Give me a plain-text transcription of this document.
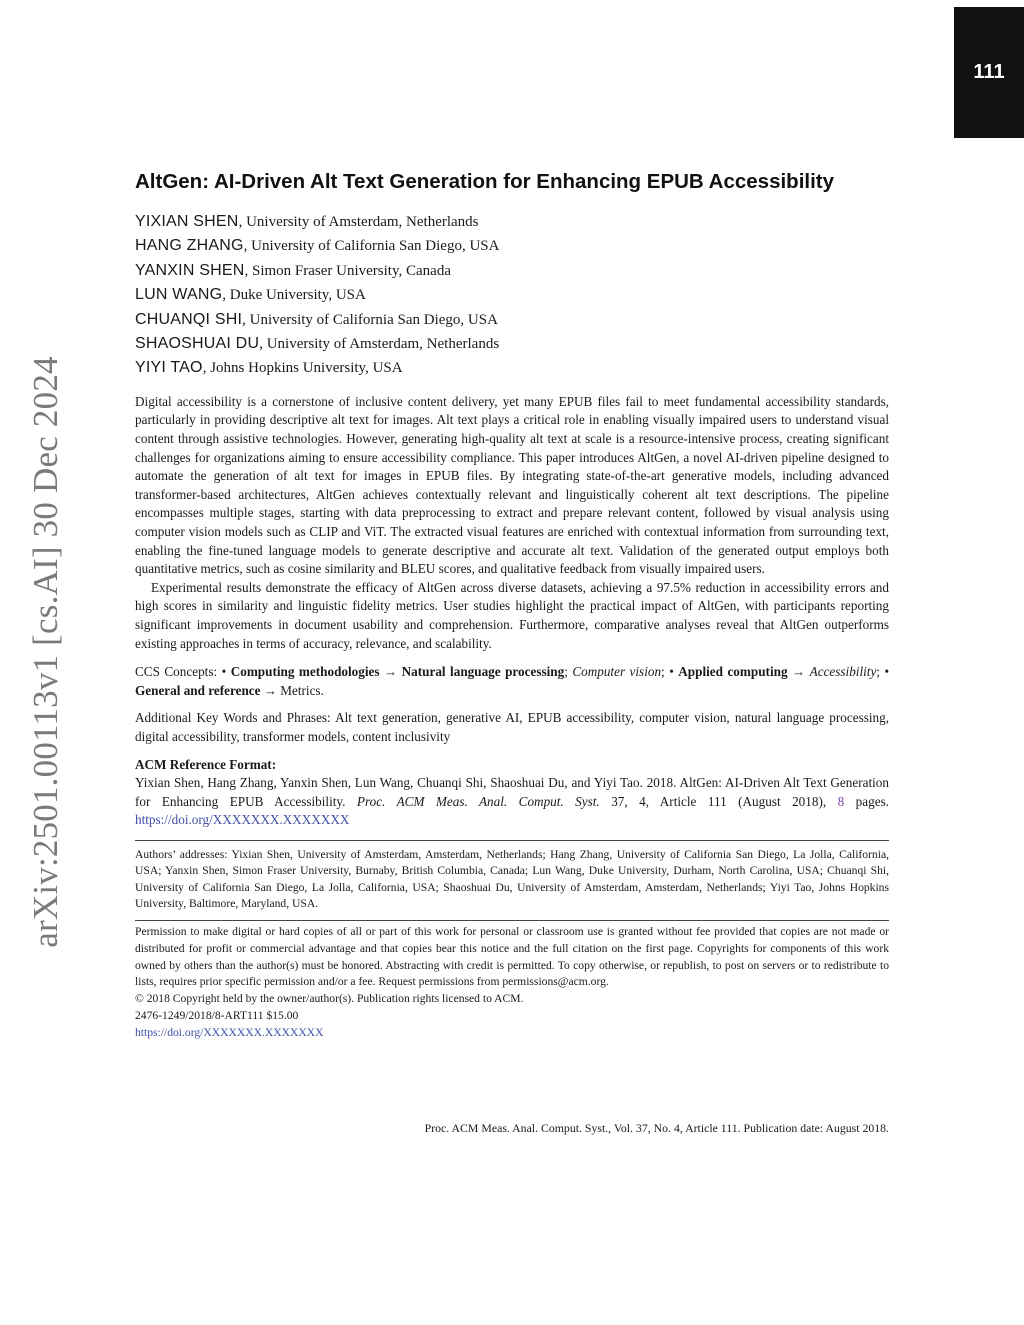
111
arXiv:2501.00113v1 [cs.AI] 30 Dec 2024
AltGen: AI-Driven Alt Text Generation for Enhancing EPUB Accessibility
YIXIAN SHEN, University of Amsterdam, Netherlands
HANG ZHANG, University of California San Diego, USA
YANXIN SHEN, Simon Fraser University, Canada
LUN WANG, Duke University, USA
CHUANQI SHI, University of California San Diego, USA
SHAOSHUAI DU, University of Amsterdam, Netherlands
YIYI TAO, Johns Hopkins University, USA

Digital accessibility is a cornerstone of inclusive content delivery, yet many EPUB files fail to meet fundamental accessibility standards, particularly in providing descriptive alt text for images. Alt text plays a critical role in enabling visually impaired users to understand visual content through assistive technologies. However, generating high-quality alt text at scale is a resource-intensive process, creating significant challenges for organizations aiming to ensure accessibility compliance. This paper introduces AltGen, a novel AI-driven pipeline designed to automate the generation of alt text for images in EPUB files. By integrating state-of-the-art generative models, including advanced transformer-based architectures, AltGen achieves contextually relevant and linguistically coherent alt text descriptions. The pipeline encompasses multiple stages, starting with data preprocessing to extract and prepare relevant content, followed by visual analysis using computer vision models such as CLIP and ViT. The extracted visual features are enriched with contextual information from surrounding text, enabling the fine-tuned language models to generate descriptive and accurate alt text. Validation of the generated output employs both quantitative metrics, such as cosine similarity and BLEU scores, and qualitative feedback from visually impaired users.

Experimental results demonstrate the efficacy of AltGen across diverse datasets, achieving a 97.5% reduction in accessibility errors and high scores in similarity and linguistic fidelity metrics. User studies highlight the practical impact of AltGen, with participants reporting significant improvements in document usability and comprehension. Furthermore, comparative analyses reveal that AltGen outperforms existing approaches in terms of accuracy, relevance, and scalability.

CCS Concepts: • Computing methodologies → Natural language processing; Computer vision; • Applied computing → Accessibility; • General and reference → Metrics.
Additional Key Words and Phrases: Alt text generation, generative AI, EPUB accessibility, computer vision, natural language processing, digital accessibility, transformer models, content inclusivity
ACM Reference Format:
Yixian Shen, Hang Zhang, Yanxin Shen, Lun Wang, Chuanqi Shi, Shaoshuai Du, and Yiyi Tao. 2018. AltGen: AI-Driven Alt Text Generation for Enhancing EPUB Accessibility. Proc. ACM Meas. Anal. Comput. Syst. 37, 4, Article 111 (August 2018), 8 pages. https://doi.org/XXXXXXX.XXXXXXX
Authors’ addresses: Yixian Shen, University of Amsterdam, Amsterdam, Netherlands; Hang Zhang, University of California San Diego, La Jolla, California, USA; Yanxin Shen, Simon Fraser University, Burnaby, British Columbia, Canada; Lun Wang, Duke University, Durham, North Carolina, USA; Chuanqi Shi, University of California San Diego, La Jolla, California, USA; Shaoshuai Du, University of Amsterdam, Amsterdam, Netherlands; Yiyi Tao, Johns Hopkins University, Baltimore, Maryland, USA.
Permission to make digital or hard copies of all or part of this work for personal or classroom use is granted without fee provided that copies are not made or distributed for profit or commercial advantage and that copies bear this notice and the full citation on the first page. Copyrights for components of this work owned by others than the author(s) must be honored. Abstracting with credit is permitted. To copy otherwise, or republish, to post on servers or to redistribute to lists, requires prior specific permission and/or a fee. Request permissions from permissions@acm.org.
© 2018 Copyright held by the owner/author(s). Publication rights licensed to ACM.
2476-1249/2018/8-ART111 $15.00
https://doi.org/XXXXXXX.XXXXXXX
Proc. ACM Meas. Anal. Comput. Syst., Vol. 37, No. 4, Article 111. Publication date: August 2018.
